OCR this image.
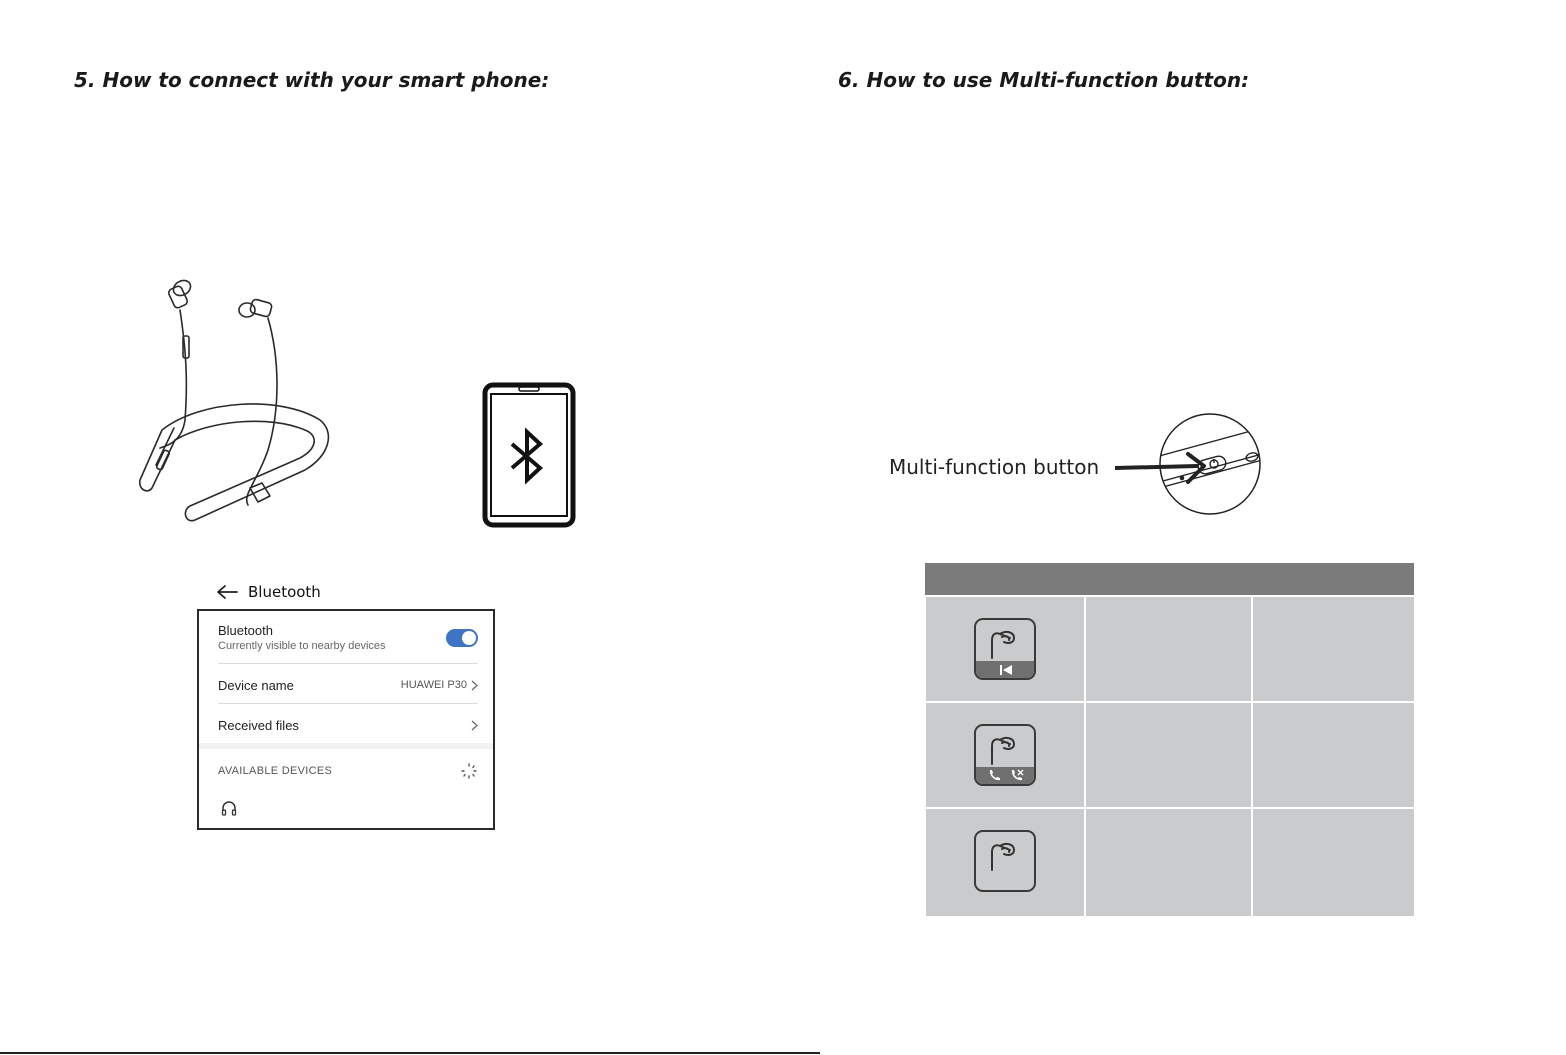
5. How to connect with your smart phone:
Bluetooth
Bluetooth
Currently visible to nearby devices
Device name	HUAWEI P30
Received files
AVAILABLE DEVICES
6. How to use Multi-function button:
Multi-function button
